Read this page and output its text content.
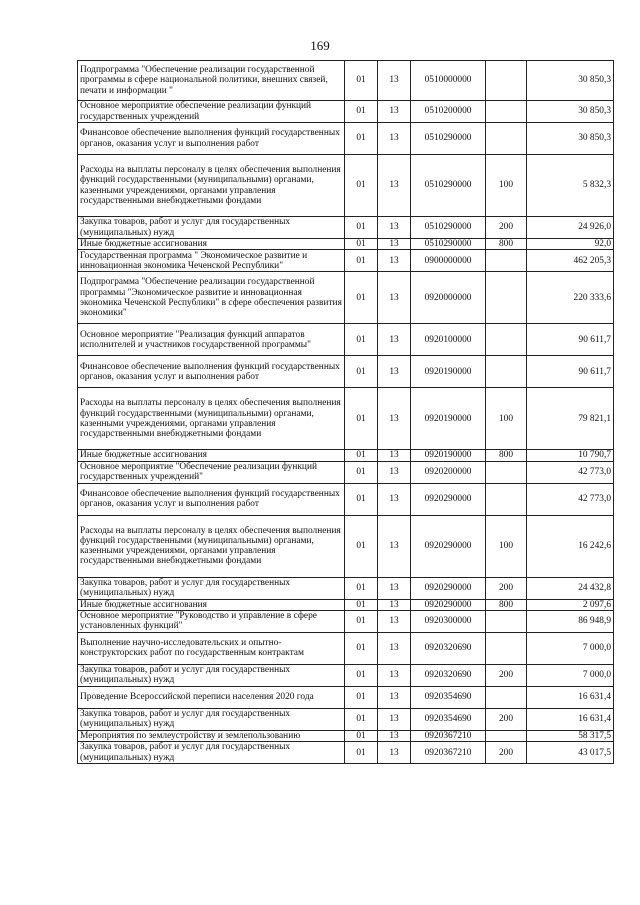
169
Подпрограмма "Обеспечение реализации государственной программы в сфере национальной политики, внешних связей, печати и информации "	01	13	0510000000		30 850,3
Основное мероприятие обеспечение реализации функций государственных учреждений	01	13	0510200000		30 850,3
Финансовое обеспечение выполнения функций государственных органов, оказания услуг и выполнения работ	01	13	0510290000		30 850,3
Расходы на выплаты персоналу в целях обеспечения выполнения функций государственными (муниципальными) органами, казенными учреждениями, органами управления государственными внебюджетными фондами	01	13	0510290000	100	5 832,3
Закупка товаров, работ и услуг для государственных (муниципальных) нужд	01	13	0510290000	200	24 926,0
Иные бюджетные ассигнования	01	13	0510290000	800	92,0
Государственная программа " Экономическое развитие и инновационная экономика Чеченской Республики"	01	13	0900000000		462 205,3
Подпрограмма "Обеспечение реализации государственной программы "Экономическое развитие и инновационная экономика Чеченской Республики" в сфере обеспечения развития экономики"	01	13	0920000000		220 333,6
Основное мероприятие "Реализация функций аппаратов исполнителей и участников государственной программы"	01	13	0920100000		90 611,7
Финансовое обеспечение выполнения функций государственных органов, оказания услуг и выполнения работ	01	13	0920190000		90 611,7
Расходы на выплаты персоналу в целях обеспечения выполнения функций государственными (муниципальными) органами, казенными учреждениями, органами управления государственными внебюджетными фондами	01	13	0920190000	100	79 821,1
Иные бюджетные ассигнования	01	13	0920190000	800	10 790,7
Основное мероприятие "Обеспечение реализации функций государственных учреждений"	01	13	0920200000		42 773,0
Финансовое обеспечение выполнения функций государственных органов, оказания услуг и выполнения работ	01	13	0920290000		42 773,0
Расходы на выплаты персоналу в целях обеспечения выполнения функций государственными (муниципальными) органами, казенными учреждениями, органами управления государственными внебюджетными фондами	01	13	0920290000	100	16 242,6
Закупка товаров, работ и услуг для государственных (муниципальных) нужд	01	13	0920290000	200	24 432,8
Иные бюджетные ассигнования	01	13	0920290000	800	2 097,6
Основное мероприятие "Руководство и управление в сфере установленных функций"	01	13	0920300000		86 948,9
Выполнение научно-исследовательских и опытно-конструкторских работ по государственным контрактам	01	13	0920320690		7 000,0
Закупка товаров, работ и услуг для государственных (муниципальных) нужд	01	13	0920320690	200	7 000,0
Проведение Всероссийской переписи населения 2020 года	01	13	0920354690		16 631,4
Закупка товаров, работ и услуг для государственных (муниципальных) нужд	01	13	0920354690	200	16 631,4
Мероприятия по землеустройству и землепользованию	01	13	0920367210		58 317,5
Закупка товаров, работ и услуг для государственных (муниципальных) нужд	01	13	0920367210	200	43 017,5
